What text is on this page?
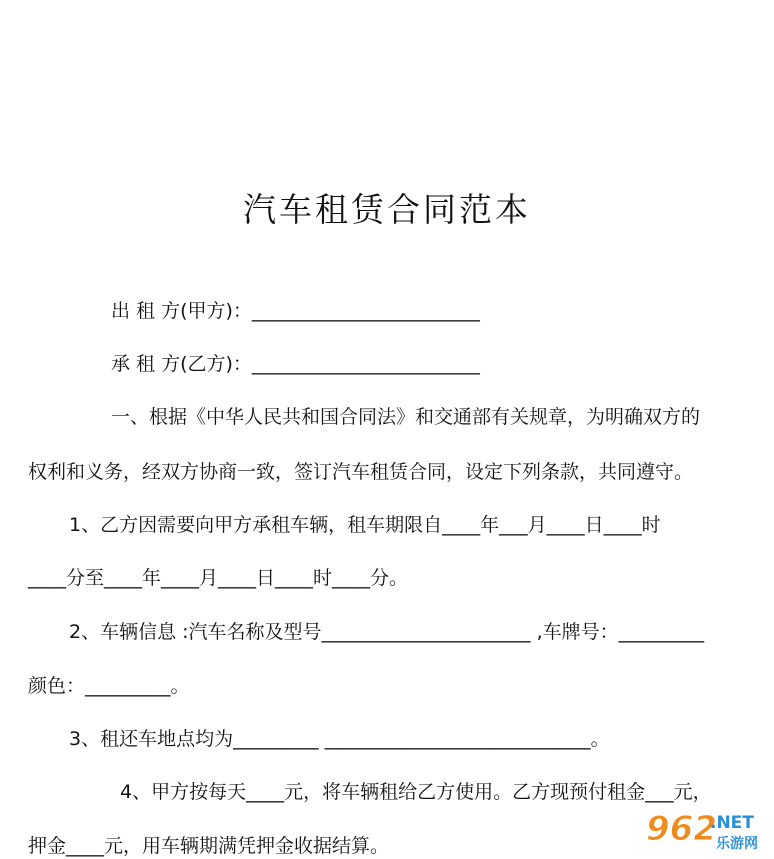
汽车租赁合同范本
出 租 方(甲方)：________________________
承 租 方(乙方)：________________________
一、根据《中华人民共和国合同法》和交通部有关规章，为明确双方的
权利和义务，经双方协商一致，签订汽车租赁合同，设定下列条款，共同遵守。
1、乙方因需要向甲方承租车辆，租车期限自____年___月____日____时
____分至____年____月____日____时____分。
2、车辆信息 :汽车名称及型号______________________ ,车牌号：_________
颜色：_________。
3、租还车地点均为_________ ____________________________。
4、甲方按每天____元，将车辆租给乙方使用。乙方现预付租金___元，
押金____元，用车辆期满凭押金收据结算。	962
.NET
乐游网
